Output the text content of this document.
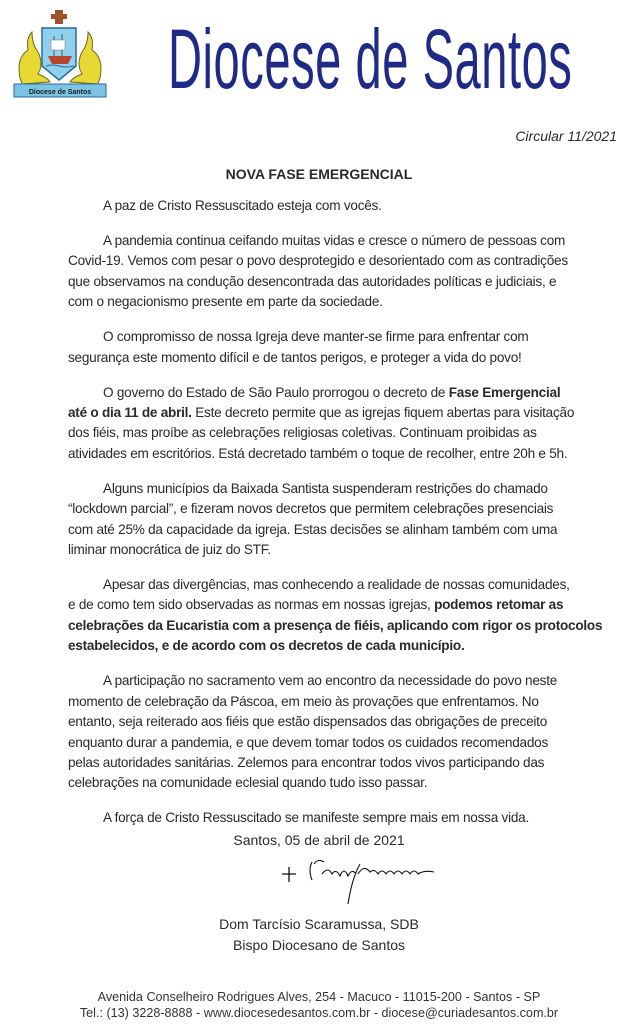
Diocese de Santos Diocese de Santos
Circular 11/2021
NOVA FASE EMERGENCIAL
A paz de Cristo Ressuscitado esteja com vocês.
A pandemia continua ceifando muitas vidas e cresce o número de pessoas com
Covid-19. Vemos com pesar o povo desprotegido e desorientado com as contradições
que observamos na condução desencontrada das autoridades políticas e judiciais, e
com o negacionismo presente em parte da sociedade.
O compromisso de nossa Igreja deve manter-se firme para enfrentar com
segurança este momento difícil e de tantos perigos, e proteger a vida do povo!
O governo do Estado de São Paulo prorrogou o decreto de Fase Emergencial
até o dia 11 de abril. Este decreto permite que as igrejas fiquem abertas para visitação
dos fiéis, mas proíbe as celebrações religiosas coletivas. Continuam proibidas as
atividades em escritórios. Está decretado também o toque de recolher, entre 20h e 5h.
Alguns municípios da Baixada Santista suspenderam restrições do chamado
“lockdown parcial”, e fizeram novos decretos que permitem celebrações presenciais
com até 25% da capacidade da igreja. Estas decisões se alinham também com uma
liminar monocrática de juiz do STF.
Apesar das divergências, mas conhecendo a realidade de nossas comunidades,
e de como tem sido observadas as normas em nossas igrejas, podemos retomar as
celebrações da Eucaristia com a presença de fiéis, aplicando com rigor os protocolos
estabelecidos, e de acordo com os decretos de cada município.
A participação no sacramento vem ao encontro da necessidade do povo neste
momento de celebração da Páscoa, em meio às provações que enfrentamos. No
entanto, seja reiterado aos fiéis que estão dispensados das obrigações de preceito
enquanto durar a pandemia, e que devem tomar todos os cuidados recomendados
pelas autoridades sanitárias. Zelemos para encontrar todos vivos participando das
celebrações na comunidade eclesial quando tudo isso passar.
A força de Cristo Ressuscitado se manifeste sempre mais em nossa vida.
Santos, 05 de abril de 2021
Dom Tarcísio Scaramussa, SDB
Bispo Diocesano de Santos
Avenida Conselheiro Rodrigues Alves, 254 - Macuco - 11015-200 - Santos - SP
Tel.: (13) 3228-8888 - www.diocesedesantos.com.br - diocese@curiadesantos.com.br
